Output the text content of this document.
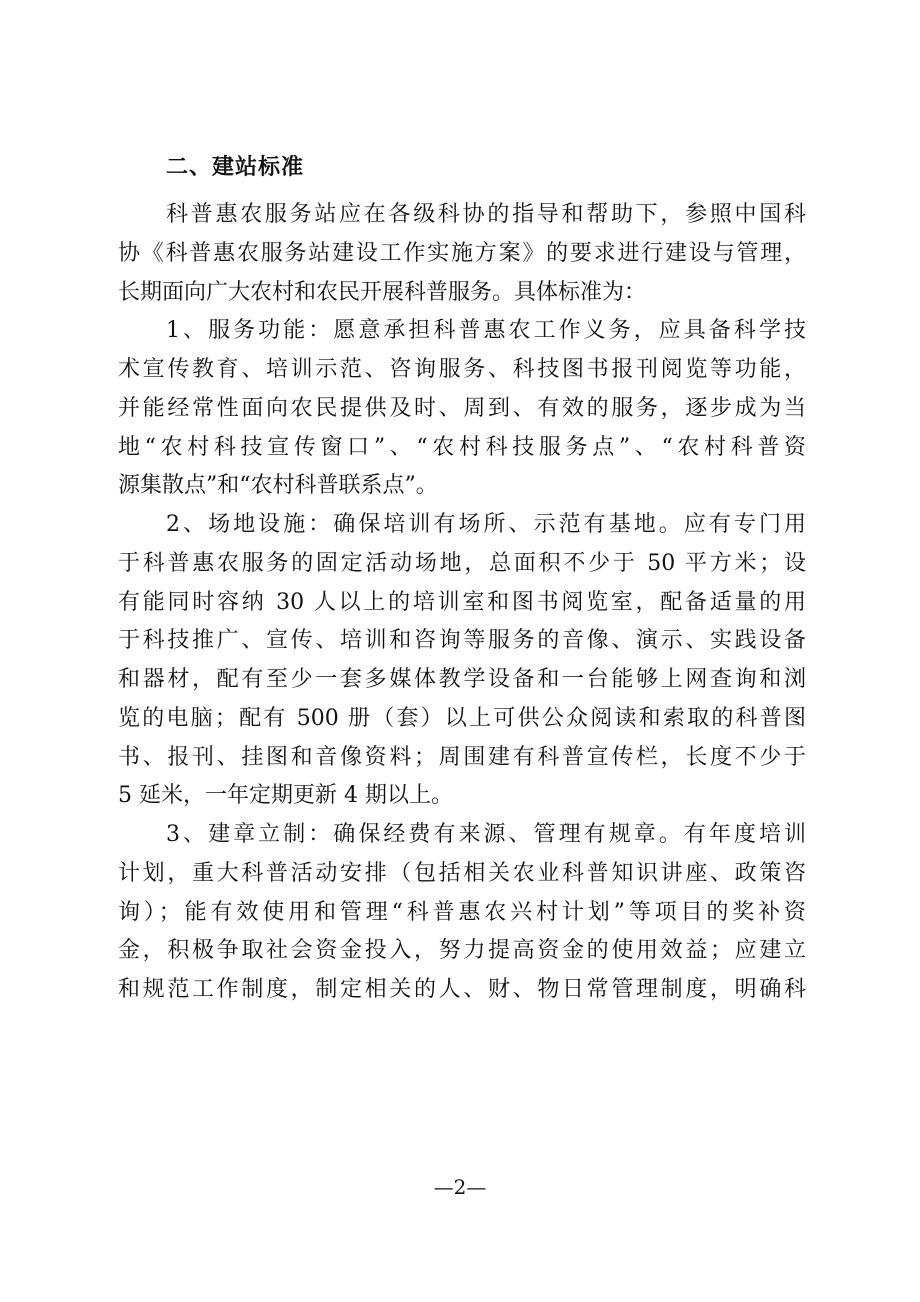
二、建站标准
科普惠农服务站应在各级科协的指导和帮助下，参照中国科
协《科普惠农服务站建设工作实施方案》的要求进行建设与管理，
长期面向广大农村和农民开展科普服务。具体标准为：
1、服务功能：愿意承担科普惠农工作义务，应具备科学技
术宣传教育、培训示范、咨询服务、科技图书报刊阅览等功能，
并能经常性面向农民提供及时、周到、有效的服务，逐步成为当
地“农村科技宣传窗口”、“农村科技服务点”、“农村科普资
源集散点”和“农村科普联系点”。
2、场地设施：确保培训有场所、示范有基地。应有专门用
于科普惠农服务的固定活动场地，总面积不少于 50 平方米；设
有能同时容纳 30 人以上的培训室和图书阅览室，配备适量的用
于科技推广、宣传、培训和咨询等服务的音像、演示、实践设备
和器材，配有至少一套多媒体教学设备和一台能够上网查询和浏
览的电脑；配有 500 册（套）以上可供公众阅读和索取的科普图
书、报刊、挂图和音像资料；周围建有科普宣传栏，长度不少于
5 延米，一年定期更新 4 期以上。
3、建章立制：确保经费有来源、管理有规章。有年度培训
计划，重大科普活动安排（包括相关农业科普知识讲座、政策咨
询）；能有效使用和管理“科普惠农兴村计划”等项目的奖补资
金，积极争取社会资金投入，努力提高资金的使用效益；应建立
和规范工作制度，制定相关的人、财、物日常管理制度，明确科
—2—
